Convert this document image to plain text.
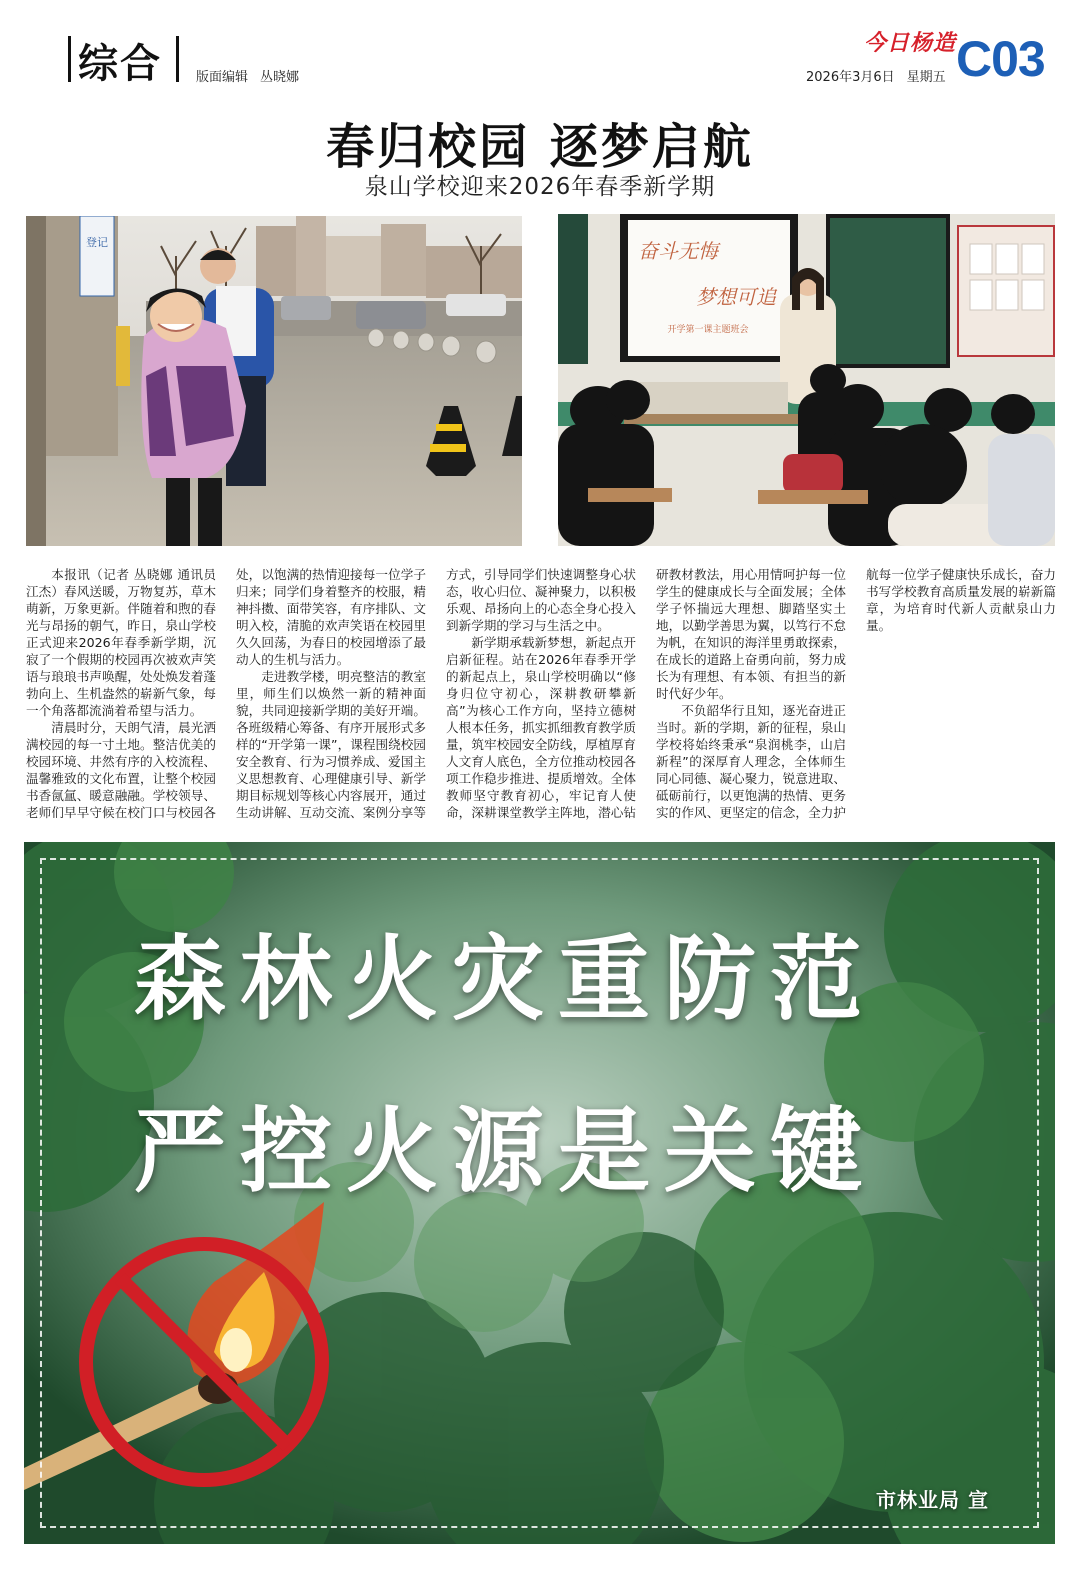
综合	版面编辑 丛晓娜
今日杨造
2026年3月6日 星期五 C03
春归校园 逐梦启航
泉山学校迎来2026年春季新学期
登记	奋斗无悔
梦想可追
开学第一课主题班会

本报讯（记者 丛晓娜 通讯员 江杰）春风送暖，万物复苏，草木萌新，万象更新。伴随着和煦的春光与昂扬的朝气，昨日，泉山学校正式迎来2026年春季新学期，沉寂了一个假期的校园再次被欢声笑语与琅琅书声唤醒，处处焕发着蓬勃向上、生机盎然的崭新气象，每一个角落都流淌着希望与活力。

清晨时分，天朗气清，晨光洒满校园的每一寸土地。整洁优美的校园环境、井然有序的入校流程、温馨雅致的文化布置，让整个校园书香氤氲、暖意融融。学校领导、老师们早早守候在校门口与校园各处，以饱满的热情迎接每一位学子归来；同学们身着整齐的校服，精神抖擞、面带笑容，有序排队、文明入校，清脆的欢声笑语在校园里久久回荡，为春日的校园增添了最动人的生机与活力。

走进教学楼，明亮整洁的教室里，师生们以焕然一新的精神面貌，共同迎接新学期的美好开端。各班级精心筹备、有序开展形式多样的“开学第一课”，课程围绕校园安全教育、行为习惯养成、爱国主义思想教育、心理健康引导、新学期目标规划等核心内容展开，通过生动讲解、互动交流、案例分享等方式，引导同学们快速调整身心状态，收心归位、凝神聚力，以积极乐观、昂扬向上的心态全身心投入到新学期的学习与生活之中。

新学期承载新梦想，新起点开启新征程。站在2026年春季开学的新起点上，泉山学校明确以“修身归位守初心，深耕教研攀新高”为核心工作方向，坚持立德树人根本任务，抓实抓细教育教学质量，筑牢校园安全防线，厚植厚育人文育人底色，全方位推动校园各项工作稳步推进、提质增效。全体教师坚守教育初心，牢记育人使命，深耕课堂教学主阵地，潜心钻研教材教法，用心用情呵护每一位学生的健康成长与全面发展；全体学子怀揣远大理想、脚踏坚实土地，以勤学善思为翼，以笃行不怠为帆，在知识的海洋里勇敢探索，在成长的道路上奋勇向前，努力成长为有理想、有本领、有担当的新时代好少年。

不负韶华行且知，逐光奋进正当时。新的学期，新的征程，泉山学校将始终秉承“泉润桃李，山启新程”的深厚育人理念，全体师生同心同德、凝心聚力，锐意进取、砥砺前行，以更饱满的热情、更务实的作风、更坚定的信念，全力护航每一位学子健康快乐成长，奋力书写学校教育高质量发展的崭新篇章，为培育时代新人贡献泉山力量。

森林火灾重防范
严控火源是关键
市林业局 宣
